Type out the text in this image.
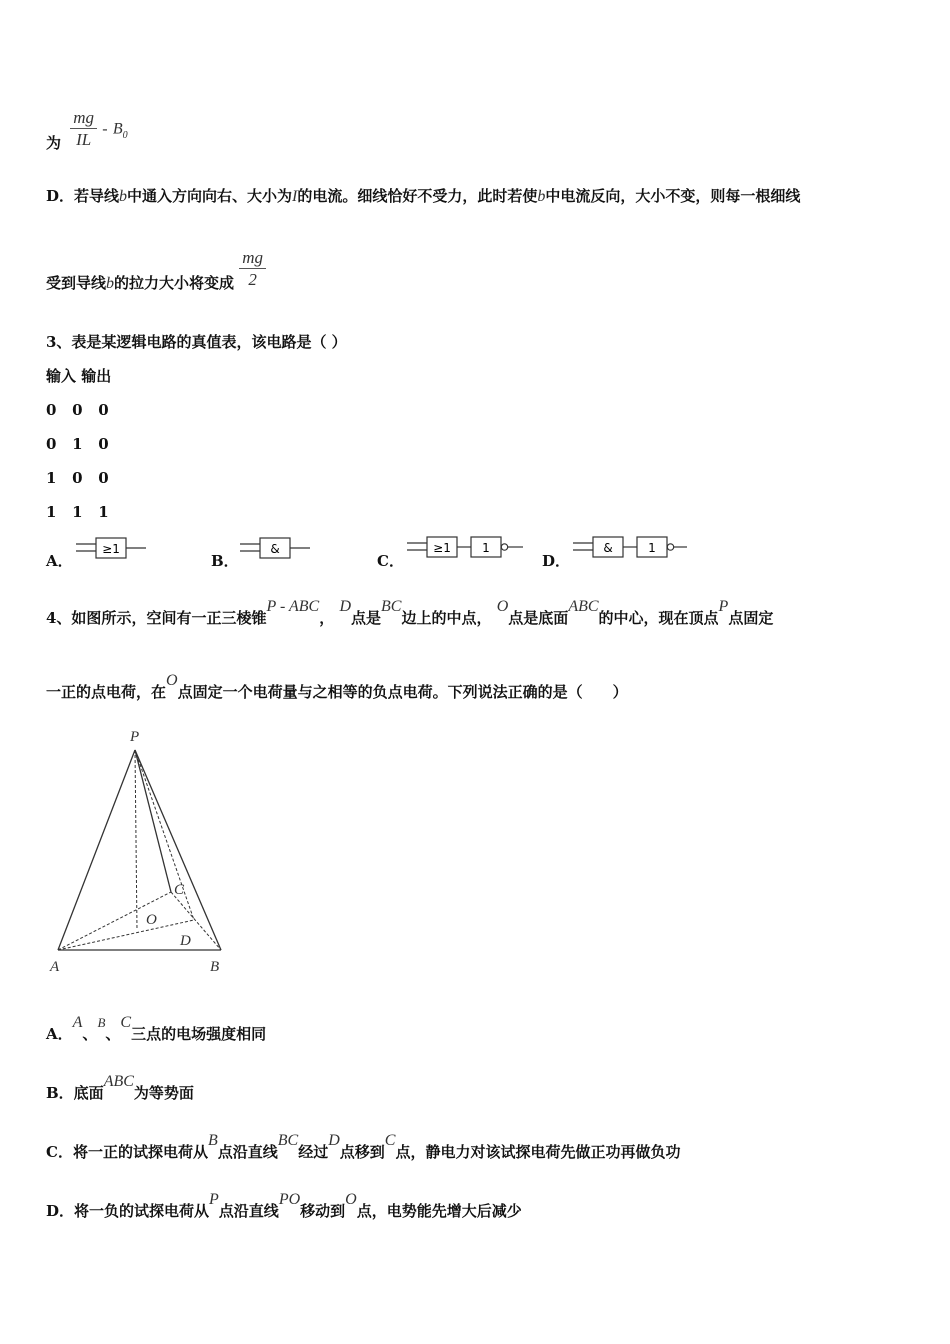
为 $\frac{mg}{IL} - B_0$
D．若导线b中通入方向向右、大小为I的电流。细线恰好不受力，此时若使b中电流反向，大小不变，则每一根细线
受到导线b的拉力大小将变成 $\frac{mg}{2}$
3、表是某逻辑电路的真值表，该电路是（ ）
输入 输出
0   0   0
0   1   0
1   0   0
1   1   1
A．
≥1
B．
&
C．
≥1	1
D．
&	1
4、如图所示，空间有一正三棱锥P - ABC， D点是BC边上的中点， O点是底面ABC的中心，现在顶点P点固定
一正的点电荷，在O点固定一个电荷量与之相等的负点电荷。下列说法正确的是（　　）
P
A	B
C
O
D
A．A、B、C三点的电场强度相同
B．底面ABC为等势面
C．将一正的试探电荷从B点沿直线BC经过D点移到C点，静电力对该试探电荷先做正功再做负功
D．将一负的试探电荷从P点沿直线PO移动到O点，电势能先增大后减少
